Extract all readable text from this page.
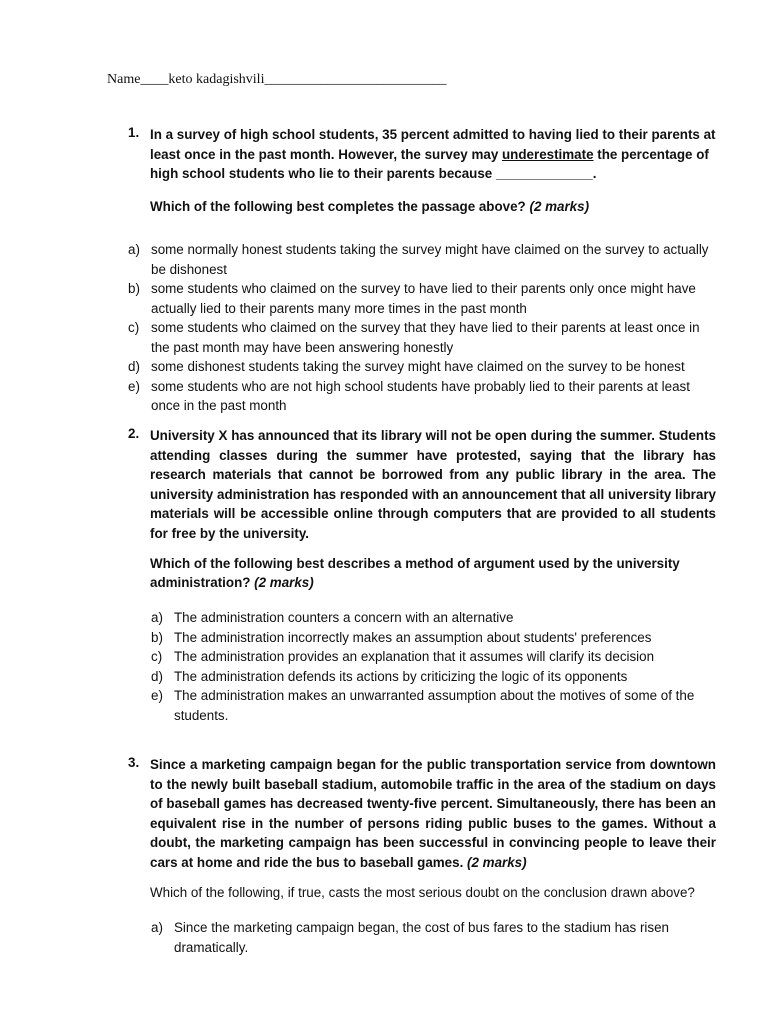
Name____keto kadagishvili__________________________
1. In a survey of high school students, 35 percent admitted to having lied to their parents at least once in the past month. However, the survey may underestimate the percentage of high school students who lie to their parents because _____________.

Which of the following best completes the passage above? (2 marks)

a) some normally honest students taking the survey might have claimed on the survey to actually be dishonest
b) some students who claimed on the survey to have lied to their parents only once might have actually lied to their parents many more times in the past month
c) some students who claimed on the survey that they have lied to their parents at least once in the past month may have been answering honestly
d) some dishonest students taking the survey might have claimed on the survey to be honest
e) some students who are not high school students have probably lied to their parents at least once in the past month
2. University X has announced that its library will not be open during the summer. Students attending classes during the summer have protested, saying that the library has research materials that cannot be borrowed from any public library in the area. The university administration has responded with an announcement that all university library materials will be accessible online through computers that are provided to all students for free by the university.

Which of the following best describes a method of argument used by the university administration? (2 marks)

a) The administration counters a concern with an alternative
b) The administration incorrectly makes an assumption about students' preferences
c) The administration provides an explanation that it assumes will clarify its decision
d) The administration defends its actions by criticizing the logic of its opponents
e) The administration makes an unwarranted assumption about the motives of some of the students.
3. Since a marketing campaign began for the public transportation service from downtown to the newly built baseball stadium, automobile traffic in the area of the stadium on days of baseball games has decreased twenty-five percent. Simultaneously, there has been an equivalent rise in the number of persons riding public buses to the games. Without a doubt, the marketing campaign has been successful in convincing people to leave their cars at home and ride the bus to baseball games. (2 marks)

Which of the following, if true, casts the most serious doubt on the conclusion drawn above?

a) Since the marketing campaign began, the cost of bus fares to the stadium has risen dramatically.
